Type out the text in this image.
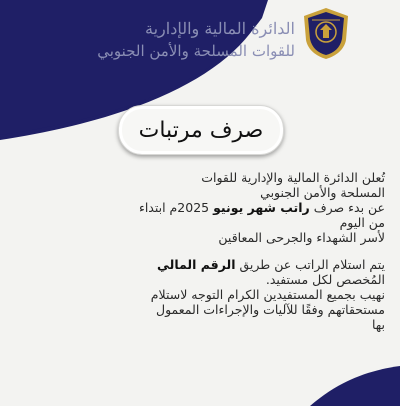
الدائرة المالية والإدارية
للقوات المسلحة والأمن الجنوبي
صرف مرتبات

تُعلن الدائرة المالية والإدارية للقوات

المسلحة والأمن الجنوبي

عن بدء صرف راتب شهر يونيو 2025م ابتداء

من اليوم

لأسر الشهداء والجرحى المعاقين

يتم استلام الراتب عن طريق الرقم المالي

المُخصص لكل مستفيد.

نهيب بجميع المستفيدين الكرام التوجه لاستلام

مستحقاتهم وفقًا للآليات والإجراءات المعمول

بها
